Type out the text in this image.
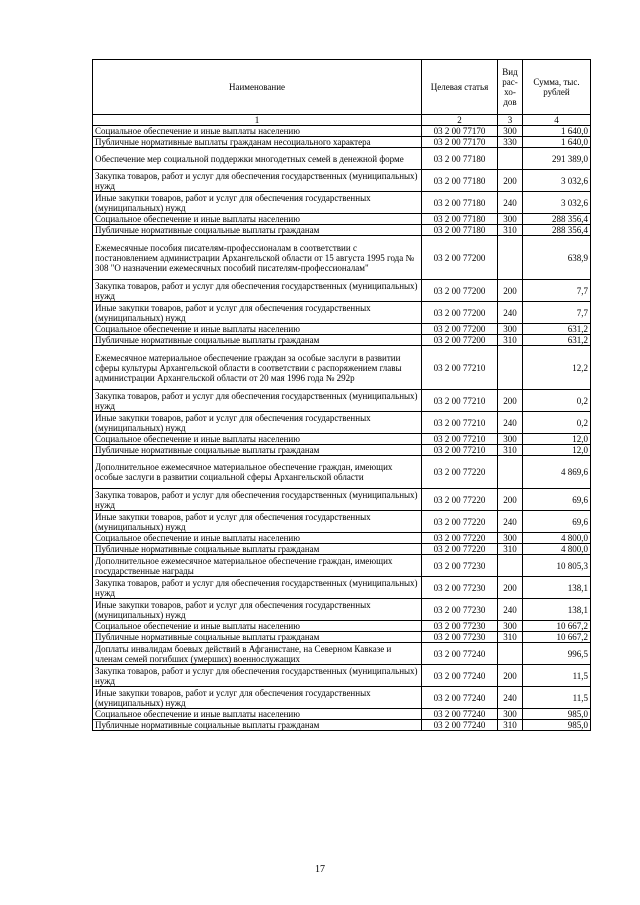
Наименование	Целевая статья	Вид рас-хо-дов	Сумма, тыс. рублей
1	2	3	4
Социальное обеспечение и иные выплаты населению	03 2 00 77170	300	1 640,0
Публичные нормативные выплаты гражданам несоциального характера	03 2 00 77170	330	1 640,0
Обеспечение мер социальной поддержки многодетных семей в денежной форме	03 2 00 77180		291 389,0
Закупка товаров, работ и услуг для обеспечения государственных (муниципальных) нужд	03 2 00 77180	200	3 032,6
Иные закупки товаров, работ и услуг для обеспечения государственных (муниципальных) нужд	03 2 00 77180	240	3 032,6
Социальное обеспечение и иные выплаты населению	03 2 00 77180	300	288 356,4
Публичные нормативные социальные выплаты гражданам	03 2 00 77180	310	288 356,4
Ежемесячные пособия писателям-профессионалам в соответствии с постановлением администрации Архангельской области от 15 августа 1995 года № 308 "О назначении ежемесячных пособий писателям-профессионалам"	03 2 00 77200		638,9
Закупка товаров, работ и услуг для обеспечения государственных (муниципальных) нужд	03 2 00 77200	200	7,7
Иные закупки товаров, работ и услуг для обеспечения государственных (муниципальных) нужд	03 2 00 77200	240	7,7
Социальное обеспечение и иные выплаты населению	03 2 00 77200	300	631,2
Публичные нормативные социальные выплаты гражданам	03 2 00 77200	310	631,2
Ежемесячное материальное обеспечение граждан за особые заслуги в развитии сферы культуры Архангельской области в соответствии с распоряжением главы администрации Архангельской области от 20 мая 1996 года № 292р	03 2 00 77210		12,2
Закупка товаров, работ и услуг для обеспечения государственных (муниципальных) нужд	03 2 00 77210	200	0,2
Иные закупки товаров, работ и услуг для обеспечения государственных (муниципальных) нужд	03 2 00 77210	240	0,2
Социальное обеспечение и иные выплаты населению	03 2 00 77210	300	12,0
Публичные нормативные социальные выплаты гражданам	03 2 00 77210	310	12,0
Дополнительное ежемесячное материальное обеспечение граждан, имеющих особые заслуги в развитии социальной сферы Архангельской области	03 2 00 77220		4 869,6
Закупка товаров, работ и услуг для обеспечения государственных (муниципальных) нужд	03 2 00 77220	200	69,6
Иные закупки товаров, работ и услуг для обеспечения государственных (муниципальных) нужд	03 2 00 77220	240	69,6
Социальное обеспечение и иные выплаты населению	03 2 00 77220	300	4 800,0
Публичные нормативные социальные выплаты гражданам	03 2 00 77220	310	4 800,0
Дополнительное ежемесячное материальное обеспечение граждан, имеющих государственные награды	03 2 00 77230		10 805,3
Закупка товаров, работ и услуг для обеспечения государственных (муниципальных) нужд	03 2 00 77230	200	138,1
Иные закупки товаров, работ и услуг для обеспечения государственных (муниципальных) нужд	03 2 00 77230	240	138,1
Социальное обеспечение и иные выплаты населению	03 2 00 77230	300	10 667,2
Публичные нормативные социальные выплаты гражданам	03 2 00 77230	310	10 667,2
Доплаты инвалидам боевых действий в Афганистане, на Северном Кавказе и членам семей погибших (умерших) военнослужащих	03 2 00 77240		996,5
Закупка товаров, работ и услуг для обеспечения государственных (муниципальных) нужд	03 2 00 77240	200	11,5
Иные закупки товаров, работ и услуг для обеспечения государственных (муниципальных) нужд	03 2 00 77240	240	11,5
Социальное обеспечение и иные выплаты населению	03 2 00 77240	300	985,0
Публичные нормативные социальные выплаты гражданам	03 2 00 77240	310	985,0
17
